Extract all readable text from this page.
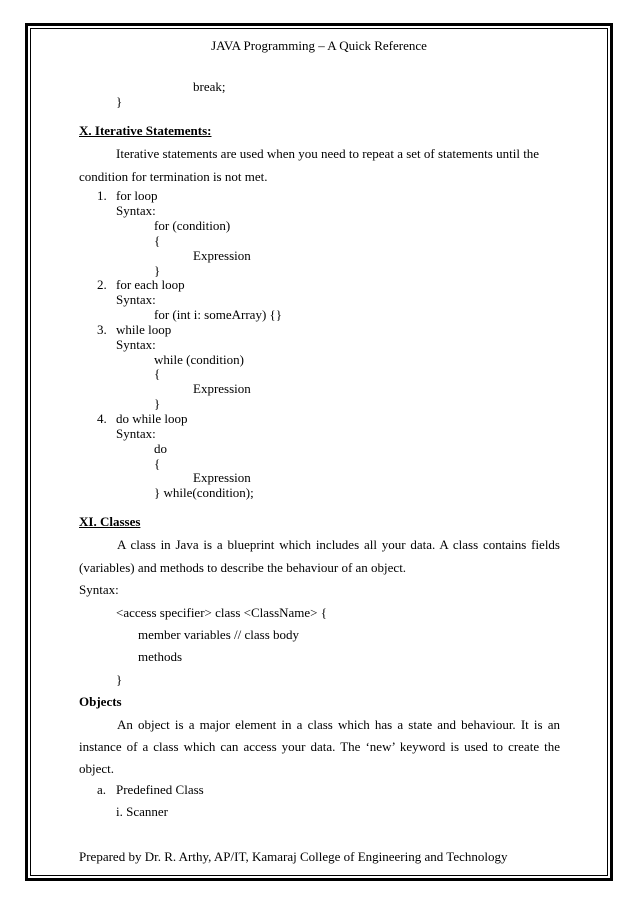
JAVA Programming – A Quick Reference
break;
}
X. Iterative Statements:
Iterative statements are used when you need to repeat a set of statements until the
condition for termination is not met.
1. for loop
Syntax:
for (condition)
{
Expression
}
2. for each loop
Syntax:
for (int i: someArray) {}
3. while loop
Syntax:
while (condition)
{
Expression
}
4. do while loop
Syntax:
do
{
Expression
} while(condition);
XI. Classes
A class in Java is a blueprint which includes all your data. A class contains fields
(variables) and methods to describe the behaviour of an object.
Syntax:
<access specifier> class <ClassName> {
member variables // class body
methods
}
Objects
An object is a major element in a class which has a state and behaviour. It is an
instance of a class which can access your data. The ‘new’ keyword is used to create the
object.
a. Predefined Class
i. Scanner
Prepared by Dr. R. Arthy, AP/IT, Kamaraj College of Engineering and Technology
